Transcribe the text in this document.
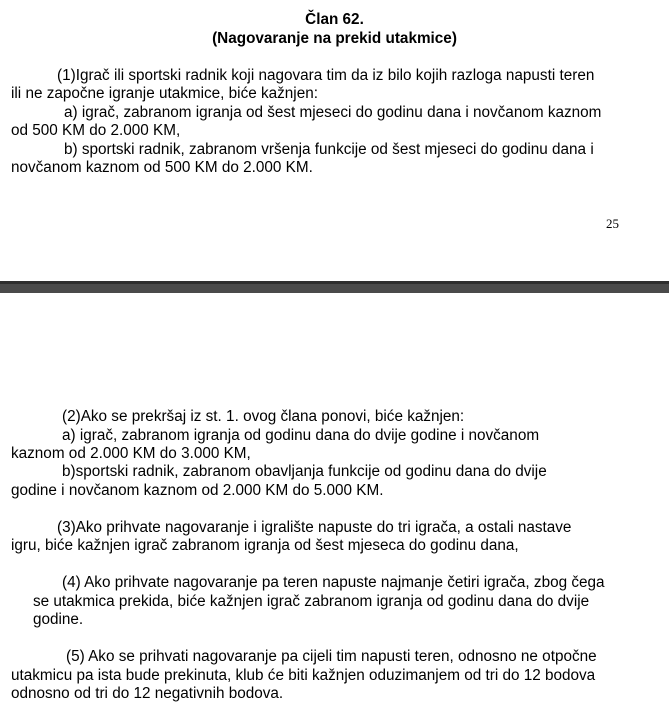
Član 62.
(Nagovaranje na prekid utakmice)
(1)Igrač ili sportski radnik koji nagovara tim da iz bilo kojih razloga napusti teren
ili ne započne igranje utakmice, biće kažnjen:
a) igrač, zabranom igranja od šest mjeseci do godinu dana i novčanom kaznom
od 500 KM do 2.000 KM,
b) sportski radnik, zabranom vršenja funkcije od šest mjeseci do godinu dana i
novčanom kaznom od 500 KM do 2.000 KM.
25
(2)Ako se prekršaj iz st. 1. ovog člana ponovi, biće kažnjen:
a) igrač, zabranom igranja od godinu dana do dvije godine i novčanom
kaznom od 2.000 KM do 3.000 KM,
b)sportski radnik, zabranom obavljanja funkcije od godinu dana do dvije
godine i novčanom kaznom od 2.000 KM do 5.000 KM.
(3)Ako prihvate nagovaranje i igralište napuste do tri igrača, a ostali nastave
igru, biće kažnjen igrač zabranom igranja od šest mjeseca do godinu dana,
(4) Ako prihvate nagovaranje pa teren napuste najmanje četiri igrača, zbog čega
se utakmica prekida, biće kažnjen igrač zabranom igranja od godinu dana do dvije
godine.
(5) Ako se prihvati nagovaranje pa cijeli tim napusti teren, odnosno ne otpočne
utakmicu pa ista bude prekinuta, klub će biti kažnjen oduzimanjem od tri do 12 bodova
odnosno od tri do 12 negativnih bodova.
